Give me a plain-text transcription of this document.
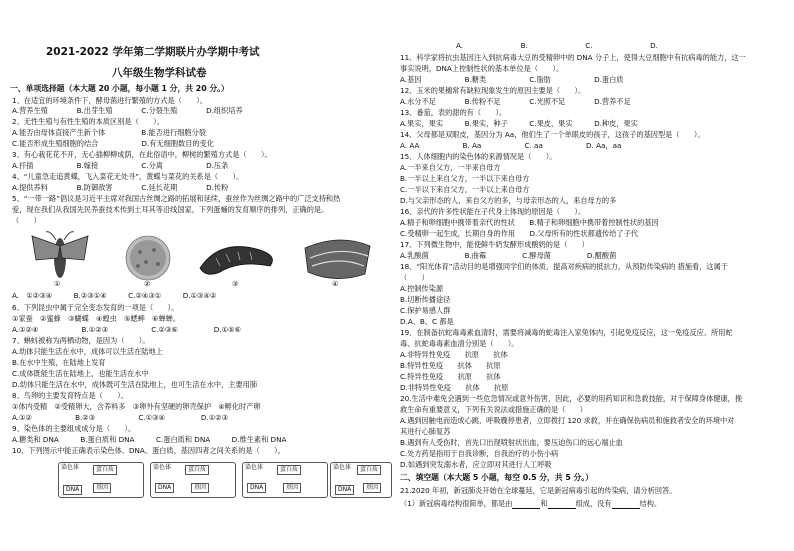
2021-2022 学年第二学期联片办学期中考试
八年级生物学科试卷
一、单项选择题（本大题 20 小题，每小题 1 分，共 20 分。）
1、在适宜的环境条件下，酵母菌进行繁殖的方式是（　　）。
A.营养生殖　　　　B.出芽生殖　　　　C.分裂生殖　　　　D.组织培养
2、无性生殖与有性生殖的本质区别是（　　）。
A.能否由母体直接产生新个体　　　　　B.能否进行细胞分裂
C.能否形成生殖细胞的结合　　　　　　D.有无细胞数目的变化
3、有心栽花花不开，无心插柳柳成荫，在此俗语中，柳树的繁殖方式是（　　）。
A.扦插　　　　　　B.嫁接　　　　　　C.分离　　　　　　D.压条
4、“儿童急走追黄蝶，飞入菜花无处寻”，黄蝶与菜花的关系是（　　）。
A.提供养料　　　　B.防御敌害　　　　C.延长花期　　　　D.传粉
5、“一带一路”倡议是习近平主席对我国古丝绸之路的拓展和延续，蚕丝作为丝绸之路中的广泛支持和热
爱，现在我们从我国先民养蚕技术传到土耳其等沿线国家，下列蛋蛹的发育顺序的排列，正确的是。
（　　）
①	②	③	④
A.　①②③④　　　B.②③①④　　　C.②④③①　　　D.①③④②
6、下列昆虫中属于完全变态发育的一项是（　　）。
①家蚕　②蜜蜂　③蝴蝶　④蝗虫　⑤蟋蟀　⑥蝉蝉。
A.①②④　　　　　　B.①②③　　　　　　C.②③⑥　　　　　D.①⑤⑥
7、蝌蚪被称为两栖动物，是因为（　　）。
A.幼体只能生活在水中，成体可以生活在陆地上
B.在水中生殖，在陆地上发育
C.成体既能生活在陆地上，也能生活在水中
D.幼体只能生活在水中，成体既可生活在陆地上，也可生活在水中，主要用肺
8、鸟卵的主要发育特点是（　　）。
①体内受精　②受精卵大，含养料多　③卵外有坚硬的卵壳保护　④孵化时产卵
A.①②　　　　　　B.②③　　　　　　C.①③④　　　　　D.①②③
9、染色体的主要组成成分是（　　）。
A.糖类和 DNA　　　B.蛋白质和 DNA　　　C.蛋白质和 DNA　　　D.维生素和 DNA
10、下列图示中能正确表示染色体、DNA、蛋白质、基因四者之间关系的是（　　）。
染色体	蛋白质
基因
DNA
染色体	蛋白质
DNA	基因
染色体	蛋白质
基因
DNA
染色体	蛋白质
DNA	基因
A.　　　　　　　　B.　　　　　　　　C.　　　　　　　　D.
11、科学家将抗虫基因注入到抗病毒大豆的受精卵中的 DNA 分子上，使得大豆细胞中有抗病毒的能力，这一
事实说明，DNA上控制性状的基本单位是（　　）。
A.基因　　　　　　B.糖类　　　　　　C.脂肪　　　　　　D.蛋白质
12、玉米的果穗常有缺粒现象发生的原因主要是（　　）。
A.水分不足　　　　B.传粉不足　　　　C.光照不足　　　　D.营养不足
13、番茄，表的甜的有（　　）。
A.果实，果实　　　B.果实，种子　　　C.果皮，果实　　　D.种皮，果实
14、父母都是双眼皮，基因分为 Aa，他们生了一个单眼皮的孩子，这孩子的基因型是（　　）。
A. AA　　　　　　B. Aa　　　　　　C. aa　　　　　　D. Aa，aa
15、人体细胞内的染色体的来源情况是（　　）。
A.一半来自父方，一半来自母方
B.一半以上来自父方，一半以下来自母方
C.一半以下来自父方，一半以上来自母方
D.与父亲形态的人，来自父方的多，与母亲形态的人，来自母方的多
16、亲代的许多性状能在子代身上体现的原因是（　　）。
A.精子和卵细胞中携带着亲代的性状　　B.精子和卵细胞中携带着控制性状的基因
C.受精卵一起生成，长期自身的作用　　D.父母所有的性状都遗传给了子代
17、下列微生物中，能使鲜牛奶发酵形成酸奶的是（　　）
A.乳酸菌　　　　　B.曲霉　　　　　C.酵母菌　　　　　D.醋酸菌
18、“阳光体育”活动目的是增强同学们的体质，提高对疾病的抵抗力，从预防传染病的 措施看，这属于
（　　）
A.控制传染源
B.切断传播途径
C.保护易感人群
D.A、B、C 都是
19、在制备抗蛇毒毒素血清时，需要将减毒的蛇毒注入家兔体内，引起免疫反应，这一免疫反应、所用蛇
毒、抗蛇毒毒素血清分别是（　　）。
A.非特异性免疫　　抗原　　抗体
B.特异性免疫　　抗体　　抗原
C.特异性免疫　　抗原　　抗体
D.非特异性免疫　　抗体　　抗原
20.生活中难免会遇到一些危急情况或意外伤害，因此，必要的用药知识和急救技能，对于保障身体健康，挽
救生命有重要意义，下列有关说法或措施正确的是（　　）
A.遇到因触电而造成心跳、呼吸骤停患者，立即拨打 120 求救，并在确保伤病员和施救者安全的环境中对
其进行心肺复苏
B.遇到有人受伤时，首先口出现喷射状出血，要压迫伤口的远心端止血
C.处方药是指用于自我诊断，自我治疗的小伤小病
D.如遇到突发溺水者，应立即对其进行人工呼吸
二、填空题（本大题 5 小题，每空 0.5 分，共 5 分。）
21.2020 年初，新冠肺炎开始在全球蔓延，它是新冠病毒引起的传染病，请分析回答。
（1）新冠病毒结构很简单，都是由	和	组成，没有	结构。
